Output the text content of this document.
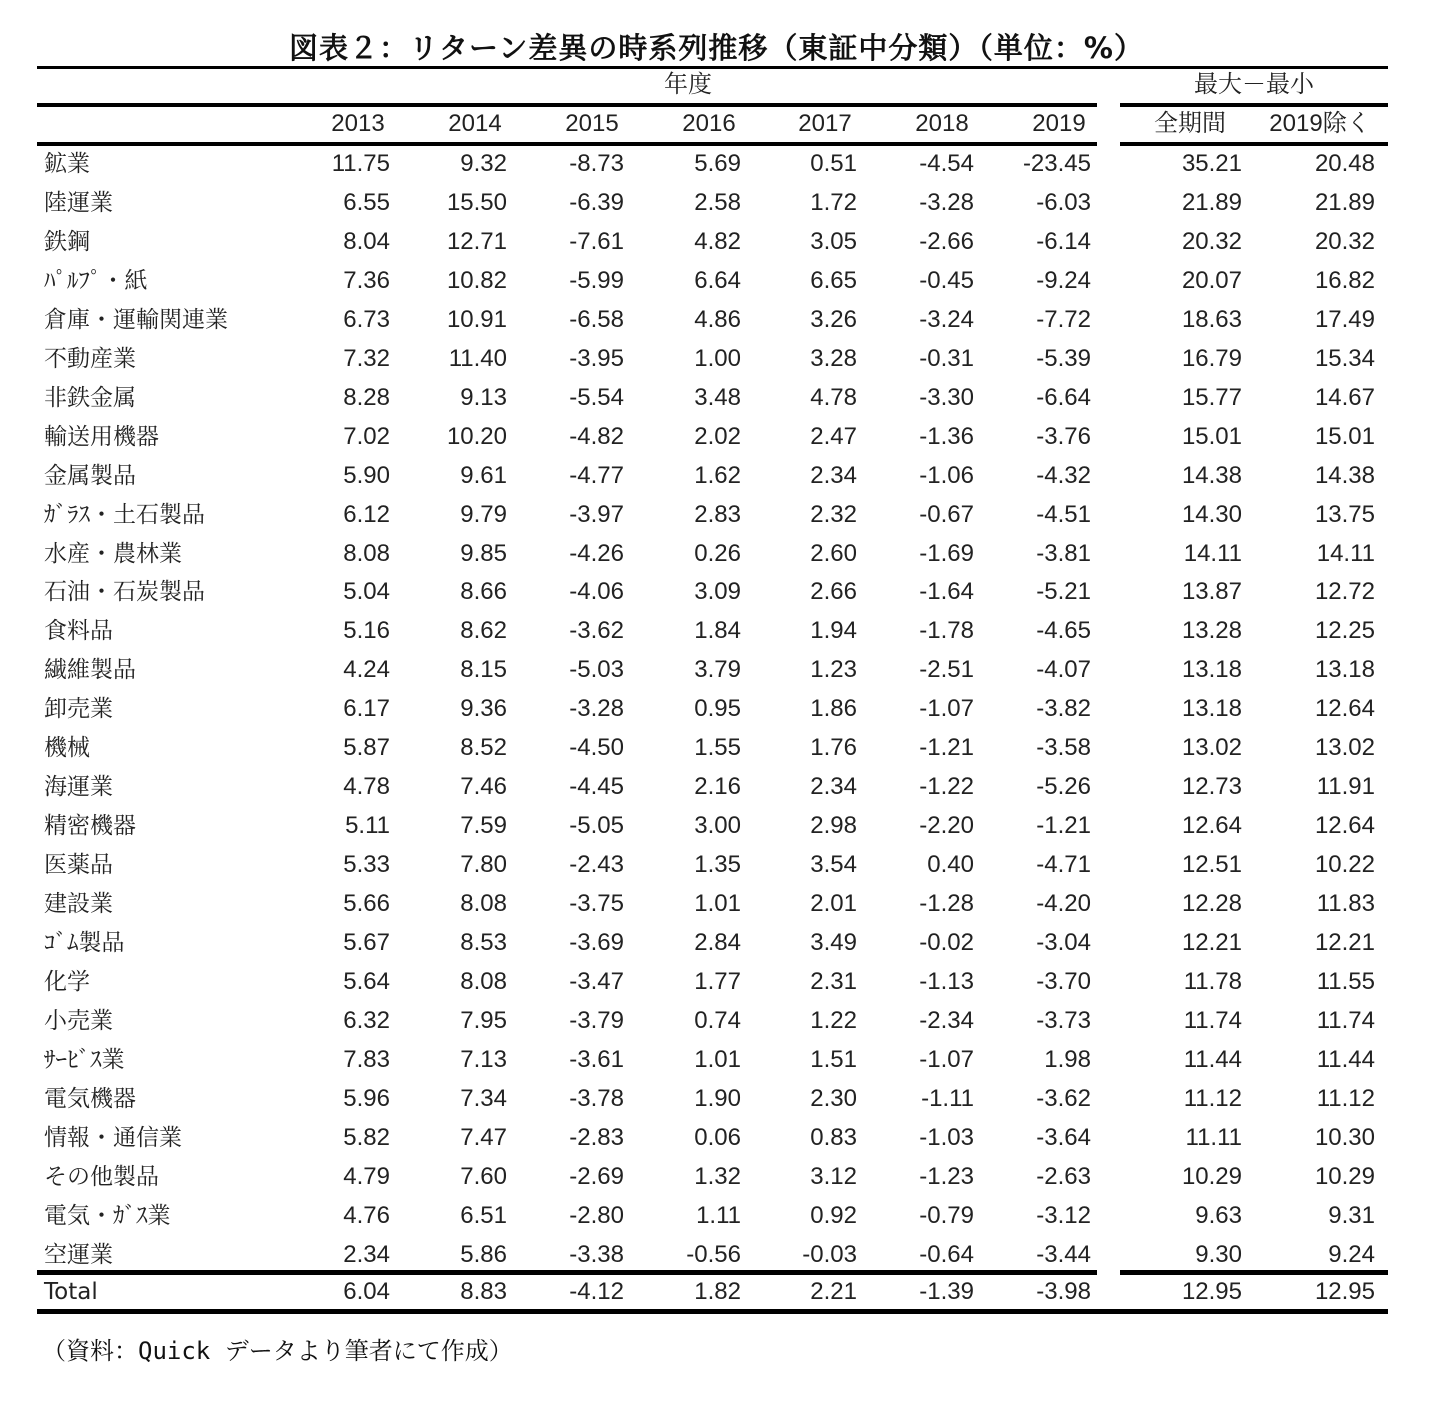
図表２：リターン差異の時系列推移（東証中分類）（単位：%）
年度	最大－最小
2013	2014	2015	2016	2017	2018	2019	全期間	2019除く
鉱業	11.75	9.32	-8.73	5.69	0.51	-4.54	-23.45	35.21	20.48
陸運業	6.55	15.50	-6.39	2.58	1.72	-3.28	-6.03	21.89	21.89
鉄鋼	8.04	12.71	-7.61	4.82	3.05	-2.66	-6.14	20.32	20.32
ﾊﾟﾙﾌﾟ・紙	7.36	10.82	-5.99	6.64	6.65	-0.45	-9.24	20.07	16.82
倉庫・運輸関連業	6.73	10.91	-6.58	4.86	3.26	-3.24	-7.72	18.63	17.49
不動産業	7.32	11.40	-3.95	1.00	3.28	-0.31	-5.39	16.79	15.34
非鉄金属	8.28	9.13	-5.54	3.48	4.78	-3.30	-6.64	15.77	14.67
輸送用機器	7.02	10.20	-4.82	2.02	2.47	-1.36	-3.76	15.01	15.01
金属製品	5.90	9.61	-4.77	1.62	2.34	-1.06	-4.32	14.38	14.38
ｶﾞﾗｽ・土石製品	6.12	9.79	-3.97	2.83	2.32	-0.67	-4.51	14.30	13.75
水産・農林業	8.08	9.85	-4.26	0.26	2.60	-1.69	-3.81	14.11	14.11
石油・石炭製品	5.04	8.66	-4.06	3.09	2.66	-1.64	-5.21	13.87	12.72
食料品	5.16	8.62	-3.62	1.84	1.94	-1.78	-4.65	13.28	12.25
繊維製品	4.24	8.15	-5.03	3.79	1.23	-2.51	-4.07	13.18	13.18
卸売業	6.17	9.36	-3.28	0.95	1.86	-1.07	-3.82	13.18	12.64
機械	5.87	8.52	-4.50	1.55	1.76	-1.21	-3.58	13.02	13.02
海運業	4.78	7.46	-4.45	2.16	2.34	-1.22	-5.26	12.73	11.91
精密機器	5.11	7.59	-5.05	3.00	2.98	-2.20	-1.21	12.64	12.64
医薬品	5.33	7.80	-2.43	1.35	3.54	0.40	-4.71	12.51	10.22
建設業	5.66	8.08	-3.75	1.01	2.01	-1.28	-4.20	12.28	11.83
ｺﾞﾑ製品	5.67	8.53	-3.69	2.84	3.49	-0.02	-3.04	12.21	12.21
化学	5.64	8.08	-3.47	1.77	2.31	-1.13	-3.70	11.78	11.55
小売業	6.32	7.95	-3.79	0.74	1.22	-2.34	-3.73	11.74	11.74
ｻｰﾋﾞｽ業	7.83	7.13	-3.61	1.01	1.51	-1.07	1.98	11.44	11.44
電気機器	5.96	7.34	-3.78	1.90	2.30	-1.11	-3.62	11.12	11.12
情報・通信業	5.82	7.47	-2.83	0.06	0.83	-1.03	-3.64	11.11	10.30
その他製品	4.79	7.60	-2.69	1.32	3.12	-1.23	-2.63	10.29	10.29
電気・ｶﾞｽ業	4.76	6.51	-2.80	1.11	0.92	-0.79	-3.12	9.63	9.31
空運業	2.34	5.86	-3.38	-0.56	-0.03	-0.64	-3.44	9.30	9.24
Total	6.04	8.83	-4.12	1.82	2.21	-1.39	-3.98	12.95	12.95
（資料：Quick データより筆者にて作成）
